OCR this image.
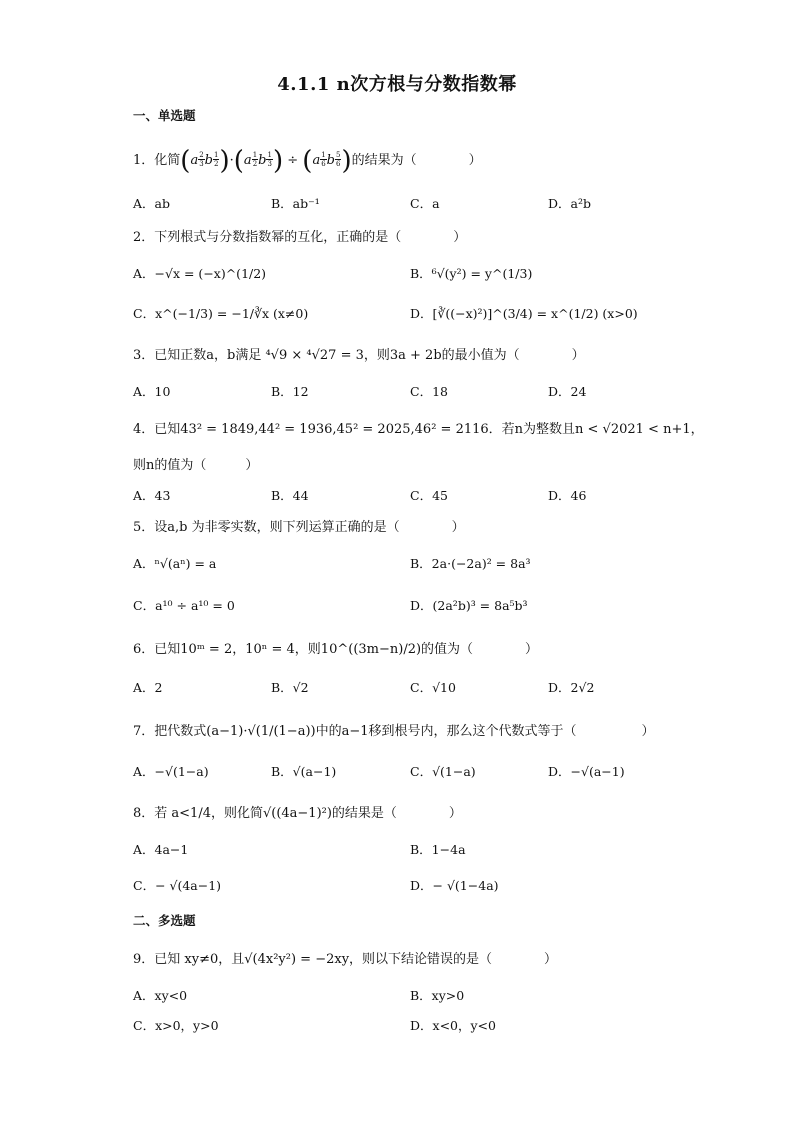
4.1.1 n次方根与分数指数幂
一、单选题
1．化简($a \frac{2}{3}$ b $\frac{1}{2} )\cdot(a \frac{1}{2}$ b $\frac{1}{3}$ ) ÷ ($a \frac{1}{6}$ b $\frac{5}{6}$ )的结果为（　　　　）
A．ab	B．ab⁻¹	C．a	D．a²b
2．下列根式与分数指数幂的互化，正确的是（　　　　）
A．−√x = (−x)^(1/2)	B．⁶√(y²) = y^(1/3)
C．x^(−1/3) = −1/∛x (x≠0)	D．[∛((−x)²)]^(3/4) = x^(1/2) (x>0)
3．已知正数a，b满足 ⁴√9 × ⁴√27 = 3，则3a + 2b的最小值为（　　　　）
A．10	B．12	C．18	D．24
4．已知43² = 1849,44² = 1936,45² = 2025,46² = 2116．若n为整数且n < √2021 < n+1，
则n的值为（　　　）
A．43	B．44	C．45	D．46
5．设a,b 为非零实数，则下列运算正确的是（　　　　）
A．ⁿ√(aⁿ) = a	B．2a·(−2a)² = 8a³
C．a¹⁰ ÷ a¹⁰ = 0	D．(2a²b)³ = 8a⁵b³
6．已知10ᵐ = 2，10ⁿ = 4，则10^((3m−n)/2)的值为（　　　　）
A．2	B．√2	C．√10	D．2√2
7．把代数式(a−1)·√(1/(1−a))中的a−1移到根号内，那么这个代数式等于（　　　　　）
A．−√(1−a)	B．√(a−1)	C．√(1−a)	D．−√(a−1)
8．若 a<1/4，则化简√((4a−1)²)的结果是（　　　　）
A．4a−1	B．1−4a
C．− √(4a−1)	D．− √(1−4a)
二、多选题
9．已知 xy≠0，且√(4x²y²) = −2xy，则以下结论错误的是（　　　　）
A．xy<0	B．xy>0
C．x>0，y>0	D．x<0，y<0
